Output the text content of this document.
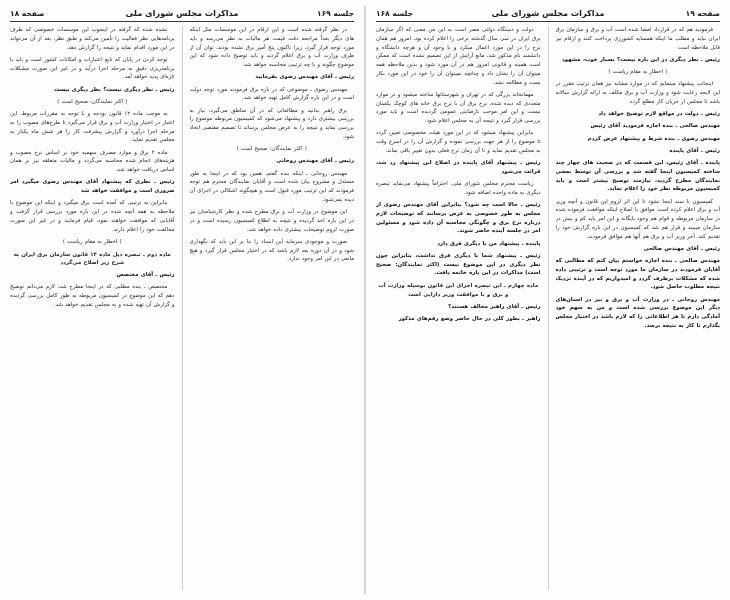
صفحه ۱۹
مذاکرات مجلس شورای ملی
جلسه ۱۶۸

فرمودید هم که در قرارداد امضا شده است آب و برق و سازمان برق ایران نباید و مطلب ما اینکه همسایه کشورزی پرداخت کنند و ارقام نیز قابل ملاحظه است

رئیس ـ نظر دیگری در این باره نیست؟ بسیار خوب، مشهود

( اخطار به مقام ریاست )

اینجانب پیشنهاد مینمایم که در موارد مشابه نیز همان ترتیب مقرر در این لایحه رعایت شود و وزارت آب و برق مکلف به ارائه گزارش سالانه باشد تا مجلس از جریان کار مطلع گردد.

رئیس ـ دولت در مواقع لازم توضیح خواهد داد

مهندس صالحی ـ بنده اجازه فرمودید آقای رئیس

مهندس رضوی ـ بنده شرط و پیشنهاد عرض کردم

رئیس ـ آقای پاینده

پاینده ـ آقای رئیس، این قسمت که در صحبت های چهار چند ساخته کمیسیون اینجا گفته شد و بررسی آن توسط بعضی نمایندگان مطرح گردید، نیازمند توضیح بیشتر است و باید کمیسیون مربوطه نظر خود را اعلام نماید.

کمیسیون با سند اینجا نشود تا این اثر لزوم این قانون و آنچه وزیر آب و برق اعلام کرده است موافق با اصلاح اینکه موافقت فرموده شده در سازمان مربوطه و قوام هم وجود بایگانه و این امر باید کم و بیش در سازمان میبیند و قرار هم شد که کمیسیون در این باره گزارش خود را تقدیم کند، آخر وزیر آب و برق هم آنها هم موافق فرمودند.

رئیس ـ آقای مهندس صالحی

مهندس صالحی ـ بنده اجازه خواستم بیان کنم که مطالبی که آقایان فرمودند در سازمان ما مورد توجه است و ترتیبی داده شده که مشکلات برطرف گردد و امیدواریم که در آینده نزدیک نتیجه مطلوب حاصل شود.

مهندس روحانی ـ در وزارت آب و برق و نیز در استان‌های دیگر این موضوع بررسی شده است و من به سهم خود آمادگی دارم تا هر اطلاعاتی را که لازم باشد در اختیار مجلس بگذارم تا کار به نتیجه برسد.

دولت و دستگاه دولتی مصر است به این من معنی که اگر سازمان برق ایران در سی سال گذشته نرخی را اعلام کرده بود، امروز هم همان نرخ را در این مورد اعمال میکرد و با وجود آن و هرچه دانشگاه و دانشمند نام مذکور شد، مانع آرایش از این تصمیم نشده است که ممکن است همینه و قانونی امروز هم در آن مورد شود و بدین ملاحظه همه میتوان آن را نشان داد و چنانچه نمیتوان آن را خود در این مورد بکار بست و مطالعه نشد.

مهمانخانه بزرگی که در تهران و شهرستانها ساخته میشود و در موارد متعددی که دیده شده، نرخ برق آن با نرخ برق خانه های کوچک یکسان نیست و این امر موجب نارضایتی عمومی گردیده است و باید مورد بررسی قرار گیرد و نتیجه آن به مجلس اعلام شود.

بنابراین پیشنهاد میشود که در این مورد هیئت مخصوصی تعیین گردد تا موضوع را از هر جهت بررسی نموده و گزارش آن را در اسرع وقت به مجلس تقدیم نماید و تا آن زمان نرخ فعلی بدون تغییر باقی بماند.

رئیس ـ پیشنهاد آقای پاینده در اصلاح این پیشنهاد رد شد، قرائت می‌شود

ریاست محترم مجلس شورای ملی، احتراماً پیشنهاد می‌نماید تبصره دیگری به ماده واحده اضافه شود.

رئیس ـ حالا است چه شود؟ بنابراین آقای مهندس رضوی از مجلس به طور خصوصی به عرض برسانند که توضیحات لازم درباره نرخ برق و چگونگی محاسبه آن داده شود و مسئولین امر در جلسه آینده حاضر شوند.

پاینده ـ پیشنهاد من با دیگری فرق دارد

رئیس ـ پیشنهاد شما با دیگری فرق نداشت، بنابراین چون نظر دیگری در این موضوع نیست (اکثر نمایندگان: صحیح است) مذاکرات در این باره خاتمه یافت.

ماده چهارم ـ این تبصره اجرای این قانون بوسیله وزارت آب و برق و با موافقت وزیر دارایی است

رئیس ـ آقای راهبر مخالف هستند؟

راهبر ـ بطور کلی در حال حاضر وضع رقم‌های مذکور

جلسه ۱۶۹
مذاکرات مجلس شورای ملی
صفحه ۱۸

در نظر گرفته شده است و این ارقام در این موسسات مثل اینکه های دیگر بعداً مراجعه دقت قیمت هر مالیات به نظر می‌رسد و باید مورد توجه قرار گیرد، زیرا تاکنون پنج آمپر برق نشده بودند، توان آن از طرف وزارت آب و برق اعلام گردید و باید توضیح داده شود که این موضوع چگونه و با چه ترتیبی محاسبه خواهد شد.

رئیس ـ آقای مهندس رضوی بفرمایید

مهندس رضوی ـ موضوعی که در باره برق فرمودند مورد توجه دولت است و در این باره گزارش کامل تهیه خواهد شد.

برق راهبر بدانید و مطالعاتی که در آن مناطق می‌گیرد، نیاز به بررسی بیشتری دارد و پیشنهاد می‌شود که کمیسیون مربوطه موضوع را بررسی نماید و نتیجه را به عرض مجلس برساند تا تصمیم مقتضی اتخاذ شود.

( اکثر نمایندگان: صحیح است )

رئیس ـ آقای مهندس روحانی

مهندس روحانی ـ اینکه بنده گفتم، همین بود که در اینجا به طور مستدل و مشروح بیان شده است و آقایان نمایندگان محترم هم توجه فرمودند که این ترتیب مورد قبول است و هیچگونه اشکالی در اجرای آن دیده نمی‌شود.

این موضوع در وزارت آب و برق مطرح شده و نظر کارشناسان نیز در این باره اخذ گردیده و نتیجه به اطلاع کمیسیون رسیده است و در صورت لزوم توضیحات بیشتری داده خواهد شد.

صورت و موجودی سرمایه این اسناد را بنا بر این باید که نگهداری شود و در آن دوره بعد لازم باشد که در اختیار مجلس قرار گیرد و هیچ مانعی در این امر وجود ندارد.

نشده شده که گرفته در اینجوب این موسسات خصوصی که طرف برنامه‌هایی نظر فعالیت را تأمین می‌کند و طبق نظر، بعد از آن می‌تواند در این مورد اقدام نماید و نتیجه را گزارش دهد.

توجه کردن در پایان که تابع اعتبارات و امکانات کشور است و باید با برنامه‌ریزی دقیق به مرحله اجرا درآید و در غیر این صورت مشکلات تازه‌ای پدید خواهد آمد.

رئیس ـ نظر دیگری نیست؟ نظر دیگری نیست

( اکثر نمایندگان: صحیح است )

به موجب ماده ۱۲ قانون بودجه و با توجه به مقررات مربوط، این اعتبار در اختیار وزارت آب و برق قرار می‌گیرد تا طرح‌های مصوب را به مرحله اجرا درآورد و گزارش پیشرفت کار را هر شش ماه یکبار به مجلس تقدیم نماید.

ماده ۲ برق و موارد مصرف سهمیه خود بر اساس نرخ مصوب و هزینه‌های انجام شده محاسبه می‌گردد و مالیات متعلقه نیز بر همان اساس دریافت خواهد شد.

رئیس ـ نظری که پیشنهاد آقای مهندس رضوی میگیرد امر ضروری است و موافقت خواهد شد

بنابراین به ترتیبی که آمده است برق میگیرد و اینکه این موضوع با ملاحظه به همه آنچه شده در این باره مورد بررسی قرار گرفت و آقایانی که موافقت خواهند نمود، قیام فرمایند و در غیر این صورت مخالفت خود را اعلام دارند.

( اخطار به مقام ریاست )

ماده دوم ـ تبصره ذیل ماده ۱۴ قانون سازمان برق ایران به شرح زیر اصلاح می‌گردد

رئیس ـ آقای مختصص

مختصص ـ بنده مطلبی که در اینجا مطرح شد، لازم می‌دانم توضیح دهم که این موضوع در کمیسیون مربوطه به طور کامل بررسی گردیده و گزارش آن تهیه شده و به مجلس تقدیم خواهد شد.
